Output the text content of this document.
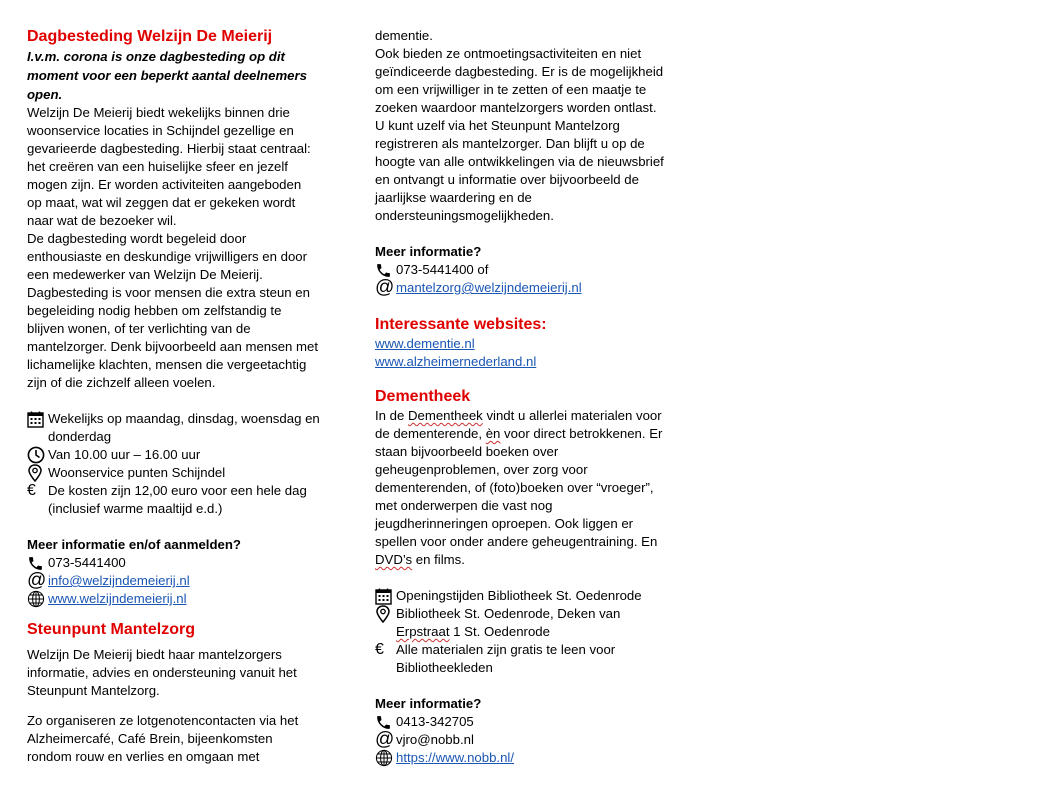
Dagbesteding Welzijn De Meierij

I.v.m. corona is onze dagbesteding op dit moment voor een beperkt aantal deelnemers open.

Welzijn De Meierij biedt wekelijks binnen drie
woonservice locaties in Schijndel gezellige en
gevarieerde dagbesteding. Hierbij staat centraal:
het creëren van een huiselijke sfeer en jezelf
mogen zijn. Er worden activiteiten aangeboden
op maat, wat wil zeggen dat er gekeken wordt
naar wat de bezoeker wil.
De dagbesteding wordt begeleid door
enthousiaste en deskundige vrijwilligers en door
een medewerker van Welzijn De Meierij.
Dagbesteding is voor mensen die extra steun en
begeleiding nodig hebben om zelfstandig te
blijven wonen, of ter verlichting van de
mantelzorger. Denk bijvoorbeeld aan mensen met
lichamelijke klachten, mensen die vergeetachtig
zijn of die zichzelf alleen voelen.
Wekelijks op maandag, dinsdag, woensdag en
donderdag
Van 10.00 uur – 16.00 uur
Woonservice punten Schijndel
€ De kosten zijn 12,00 euro voor een hele dag
(inclusief warme maaltijd e.d.)
Meer informatie en/of aanmelden?
073-5441400
@ info@welzijndemeierij.nl
www.welzijndemeierij.nl

Steunpunt Mantelzorg

Welzijn De Meierij biedt haar mantelzorgers
informatie, advies en ondersteuning vanuit het
Steunpunt Mantelzorg.
Zo organiseren ze lotgenotencontacten via het
Alzheimercafé, Café Brein, bijeenkomsten
rondom rouw en verlies en omgaan met
dementie.
Ook bieden ze ontmoetingsactiviteiten en niet
geïndiceerde dagbesteding. Er is de mogelijkheid
om een vrijwilliger in te zetten of een maatje te
zoeken waardoor mantelzorgers worden ontlast.
U kunt uzelf via het Steunpunt Mantelzorg
registreren als mantelzorger. Dan blijft u op de
hoogte van alle ontwikkelingen via de nieuwsbrief
en ontvangt u informatie over bijvoorbeeld de
jaarlijkse waardering en de
ondersteuningsmogelijkheden.
Meer informatie?
073-5441400 of
@ mantelzorg@welzijndemeierij.nl

Interessante websites:

www.dementie.nl
www.alzheimernederland.nl

Dementheek

In de Dementheek vindt u allerlei materialen voor
de dementerende, èn voor direct betrokkenen. Er
staan bijvoorbeeld boeken over
geheugenproblemen, over zorg voor
dementerenden, of (foto)boeken over “vroeger”,
met onderwerpen die vast nog
jeugdherinneringen oproepen. Ook liggen er
spellen voor onder andere geheugentraining. En
DVD’s en films.
Openingstijden Bibliotheek St. Oedenrode
Bibliotheek St. Oedenrode, Deken van
Erpstraat 1 St. Oedenrode
€ Alle materialen zijn gratis te leen voor
Bibliotheekleden
Meer informatie?
0413-342705
@ vjro@nobb.nl
https://www.nobb.nl/
